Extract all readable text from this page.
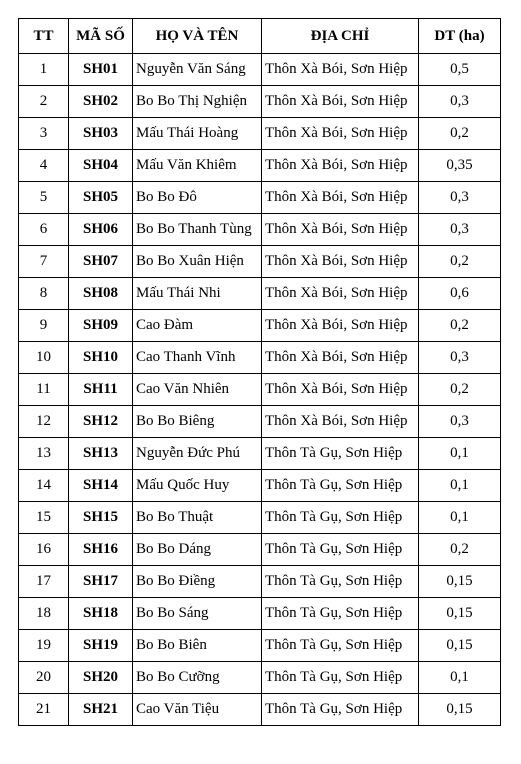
TT	MÃ SỐ	HỌ VÀ TÊN	ĐỊA CHỈ	DT (ha)
1	SH01	Nguyễn Văn Sáng	Thôn Xà Bói, Sơn Hiệp	0,5
2	SH02	Bo Bo Thị Nghiện	Thôn Xà Bói, Sơn Hiệp	0,3
3	SH03	Mấu Thái Hoàng	Thôn Xà Bói, Sơn Hiệp	0,2
4	SH04	Mấu Văn Khiêm	Thôn Xà Bói, Sơn Hiệp	0,35
5	SH05	Bo Bo Đô	Thôn Xà Bói, Sơn Hiệp	0,3
6	SH06	Bo Bo Thanh Tùng	Thôn Xà Bói, Sơn Hiệp	0,3
7	SH07	Bo Bo Xuân Hiện	Thôn Xà Bói, Sơn Hiệp	0,2
8	SH08	Mấu Thái Nhi	Thôn Xà Bói, Sơn Hiệp	0,6
9	SH09	Cao Đàm	Thôn Xà Bói, Sơn Hiệp	0,2
10	SH10	Cao Thanh Vĩnh	Thôn Xà Bói, Sơn Hiệp	0,3
11	SH11	Cao Văn Nhiên	Thôn Xà Bói, Sơn Hiệp	0,2
12	SH12	Bo Bo Biêng	Thôn Xà Bói, Sơn Hiệp	0,3
13	SH13	Nguyễn Đức Phú	Thôn Tà Gụ, Sơn Hiệp	0,1
14	SH14	Mấu Quốc Huy	Thôn Tà Gụ, Sơn Hiệp	0,1
15	SH15	Bo Bo Thuật	Thôn Tà Gụ, Sơn Hiệp	0,1
16	SH16	Bo Bo Dáng	Thôn Tà Gụ, Sơn Hiệp	0,2
17	SH17	Bo Bo Điềng	Thôn Tà Gụ, Sơn Hiệp	0,15
18	SH18	Bo Bo Sáng	Thôn Tà Gụ, Sơn Hiệp	0,15
19	SH19	Bo Bo Biên	Thôn Tà Gụ, Sơn Hiệp	0,15
20	SH20	Bo Bo Cưỡng	Thôn Tà Gụ, Sơn Hiệp	0,1
21	SH21	Cao Văn Tiệu	Thôn Tà Gụ, Sơn Hiệp	0,15
